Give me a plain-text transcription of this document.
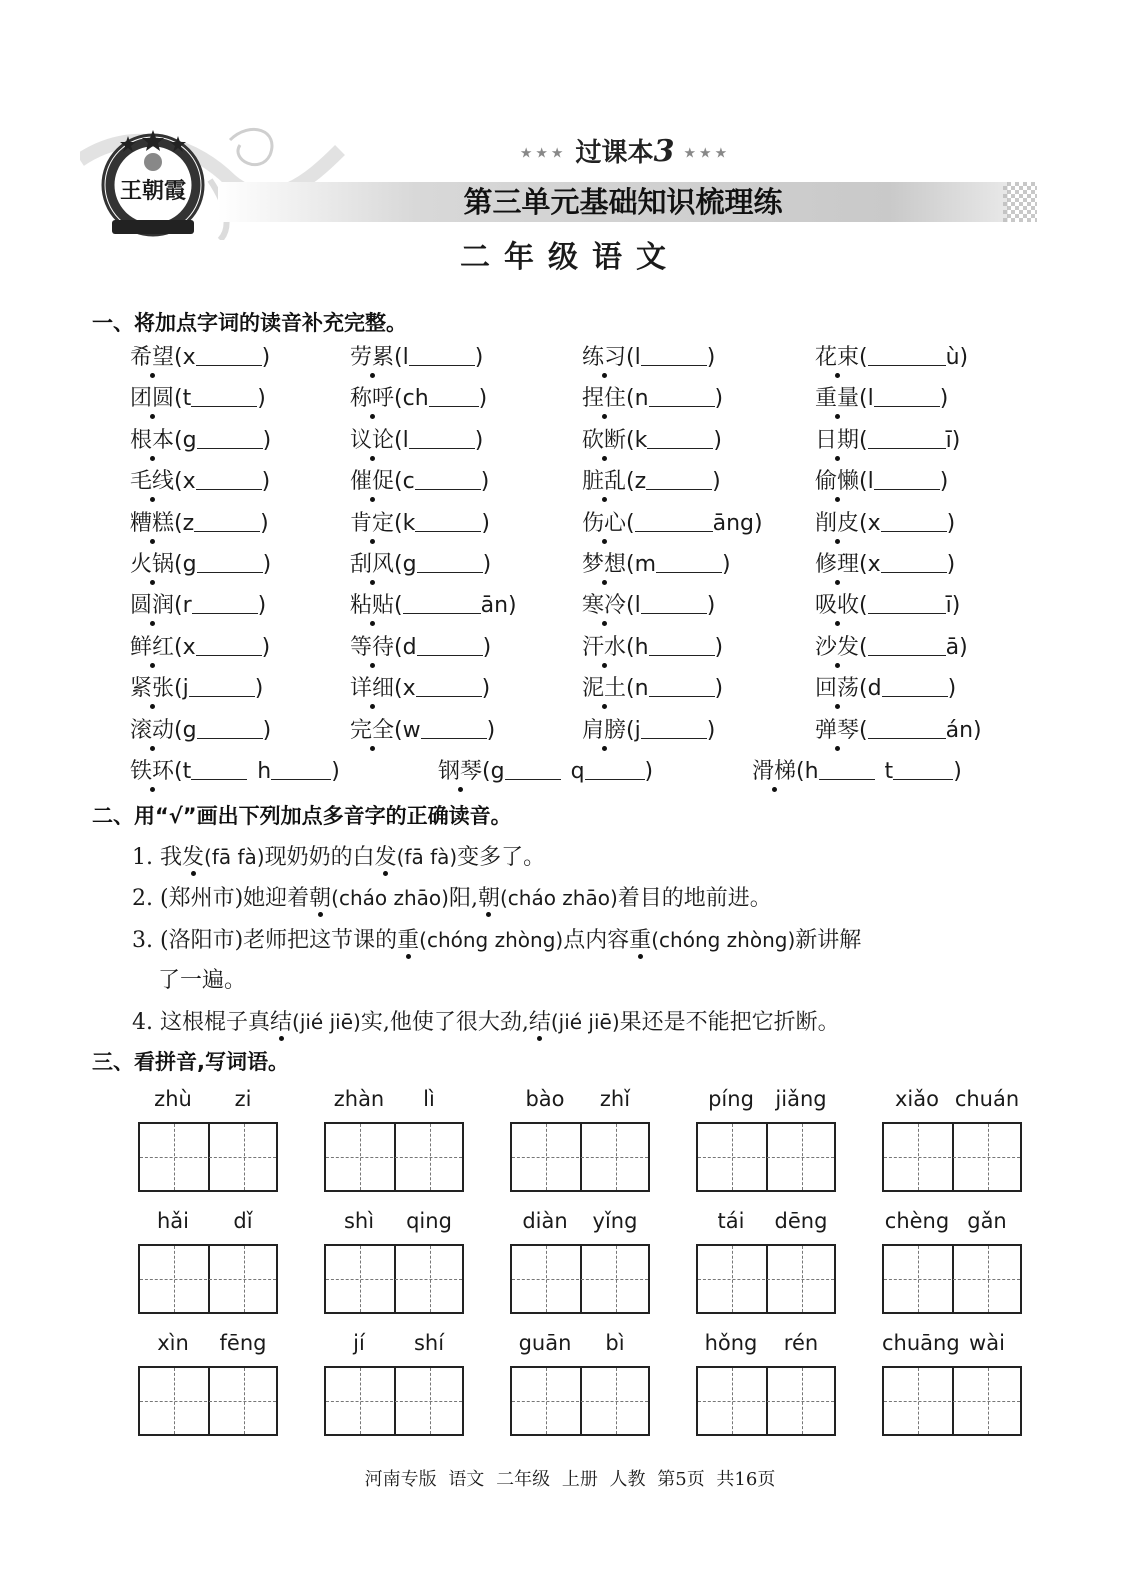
王朝霞
★★★ 过课本3 ★★★
第三单元基础知识梳理练
二年级语文
一、将加点字词的读音补充完整。
希望(x	)	劳累(l	)	练习(l	)	花束(	ù)
团圆(t	)	称呼(ch )	捏住(n	)	重量(l	)
根本(g	)	议论(l	)	砍断(k	)	日期(	ī)
毛线(x	)	催促(c	)	脏乱(z	)	偷懒(l	)
糟糕(z	)	肯定(k	)	伤心(	āng) 削皮(x	)
火锅(g	)	刮风(g	)	梦想(m	)	修理(x	)
圆润(r	)	粘贴(	ān)	寒冷(l	)	吸收(	ī)
鲜红(x	)	等待(d	)	汗水(h	)	沙发(	ā)
紧张(j	)	详细(x	)	泥土(n	)	回荡(d	)
滚动(g	)	完全(w	)	肩膀(j	)	弹琴(	án)
铁环(t	h	)	钢琴(g	q	)	滑梯(h	t	)
二、用“√”画出下列加点多音字的正确读音。
1. 我发(fā fà)现奶奶的白发(fā fà)变多了。
2. (郑州市)她迎着朝(cháo zhāo)阳,朝(cháo zhāo)着目的地前进。
3. (洛阳市)老师把这节课的重(chóng zhòng)点内容重(chóng zhòng)新讲解
了一遍。
4. 这根棍子真结(jié jiē)实,他使了很大劲,结(jié jiē)果还是不能把它折断。
三、看拼音,写词语。
zhù zi	zhàn lì	bào zhǐ	píng jiǎng	xiǎo chuán
hǎi dǐ	shì qing	diàn yǐng	tái dēng	chèng gǎn
xìn fēng	jí shí	guān bì	hǒng rén	chuāng wài
河南专版 语文 二年级 上册 人教 第5页 共16页
